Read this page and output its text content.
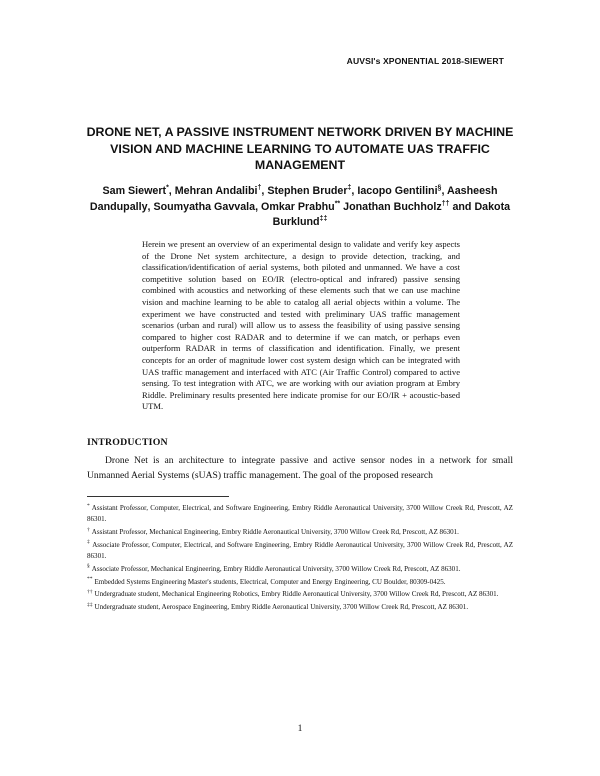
AUVSI's XPONENTIAL 2018-SIEWERT
DRONE NET, A PASSIVE INSTRUMENT NETWORK DRIVEN BY MACHINE VISION AND MACHINE LEARNING TO AUTOMATE UAS TRAFFIC MANAGEMENT
Sam Siewert*, Mehran Andalibi†, Stephen Bruder‡, Iacopo Gentilini§, Aasheesh Dandupally, Soumyatha Gavvala, Omkar Prabhu** Jonathan Buchholz†† and Dakota Burklund‡‡
Herein we present an overview of an experimental design to validate and verify key aspects of the Drone Net system architecture, a design to provide detection, tracking, and classification/identification of aerial systems, both piloted and unmanned. We have a cost competitive solution based on EO/IR (electro-optical and infrared) passive sensing combined with acoustics and networking of these elements such that we can use machine vision and machine learning to be able to catalog all aerial objects within a volume. The experiment we have constructed and tested with preliminary UAS traffic management scenarios (urban and rural) will allow us to assess the feasibility of using passive sensing compared to higher cost RADAR and to determine if we can match, or perhaps even outperform RADAR in terms of classification and identification. Finally, we present concepts for an order of magnitude lower cost system design which can be integrated with UAS traffic management and interfaced with ATC (Air Traffic Control) compared to active sensing. To test integration with ATC, we are working with our aviation program at Embry Riddle. Preliminary results presented here indicate promise for our EO/IR + acoustic-based UTM.
INTRODUCTION
Drone Net is an architecture to integrate passive and active sensor nodes in a network for small Unmanned Aerial Systems (sUAS) traffic management. The goal of the proposed research
* Assistant Professor, Computer, Electrical, and Software Engineering, Embry Riddle Aeronautical University, 3700 Willow Creek Rd, Prescott, AZ 86301.
† Assistant Professor, Mechanical Engineering, Embry Riddle Aeronautical University, 3700 Willow Creek Rd, Prescott, AZ 86301.
‡ Associate Professor, Computer, Electrical, and Software Engineering, Embry Riddle Aeronautical University, 3700 Willow Creek Rd, Prescott, AZ 86301.
§ Associate Professor, Mechanical Engineering, Embry Riddle Aeronautical University, 3700 Willow Creek Rd, Prescott, AZ 86301.
** Embedded Systems Engineering Master's students, Electrical, Computer and Energy Engineering, CU Boulder, 80309-0425.
†† Undergraduate student, Mechanical Engineering Robotics, Embry Riddle Aeronautical University, 3700 Willow Creek Rd, Prescott, AZ 86301.
‡‡ Undergraduate student, Aerospace Engineering, Embry Riddle Aeronautical University, 3700 Willow Creek Rd, Prescott, AZ 86301.
1
